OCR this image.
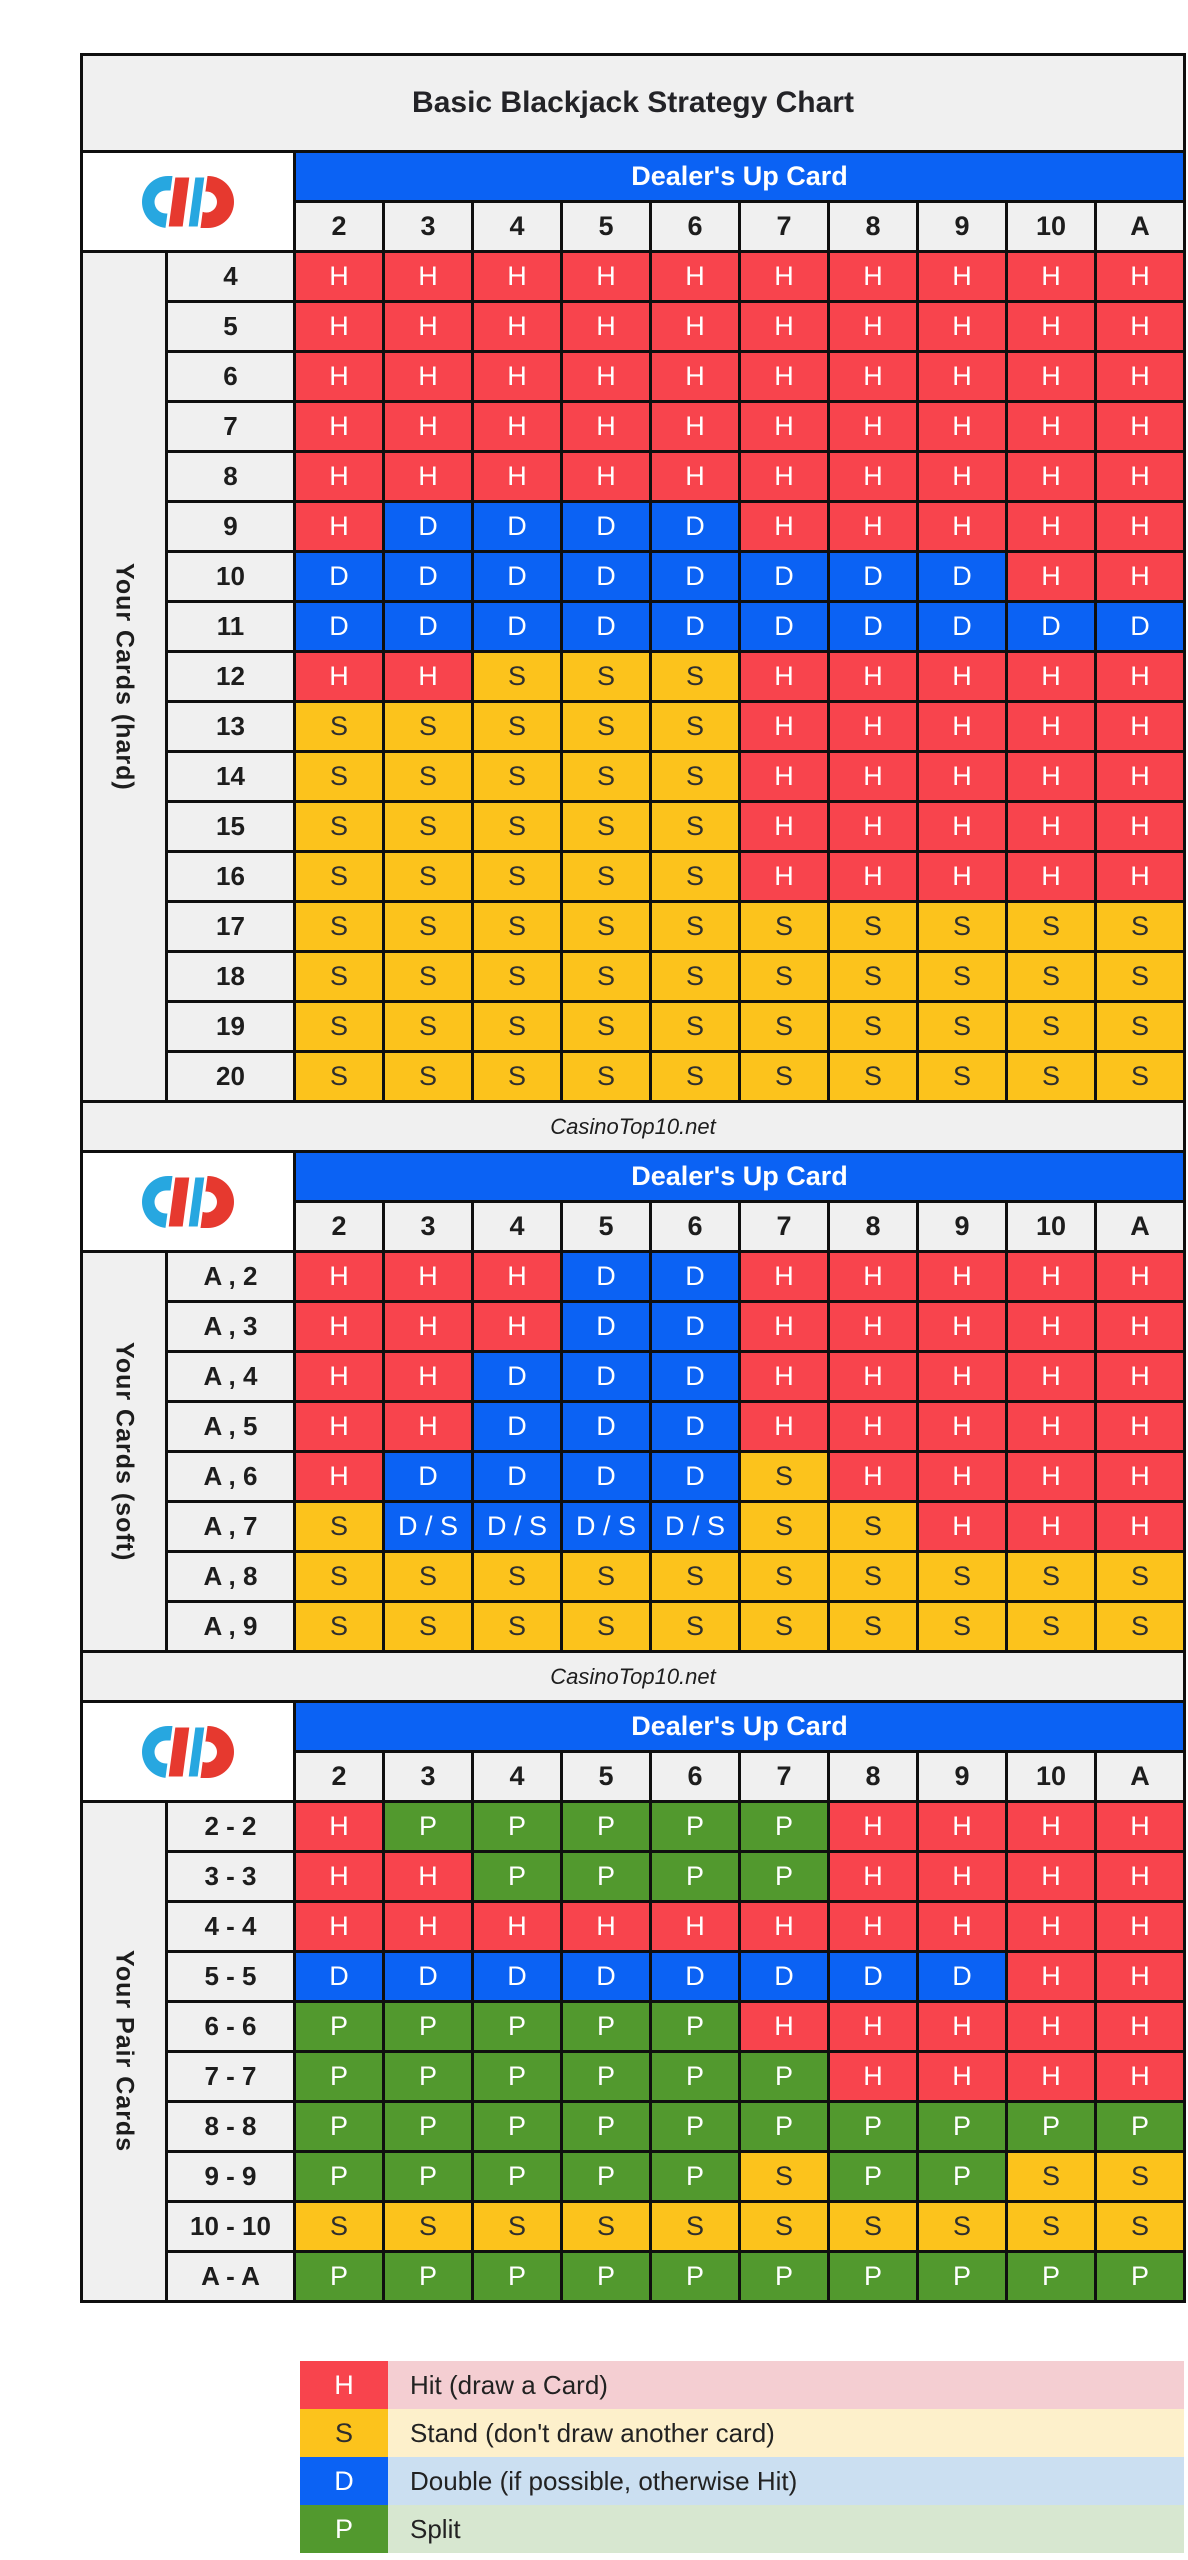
Basic Blackjack Strategy Chart
Dealer's Up Card
2	3	4	5	6	7	8	9	10	A
Your Cards (hard)
4	H	H	H	H	H	H	H	H	H	H
5	H	H	H	H	H	H	H	H	H	H
6	H	H	H	H	H	H	H	H	H	H
7	H	H	H	H	H	H	H	H	H	H
8	H	H	H	H	H	H	H	H	H	H
9	H	D	D	D	D	H	H	H	H	H
10	D	D	D	D	D	D	D	D	H	H
11	D	D	D	D	D	D	D	D	D	D
12	H	H	S	S	S	H	H	H	H	H
13	S	S	S	S	S	H	H	H	H	H
14	S	S	S	S	S	H	H	H	H	H
15	S	S	S	S	S	H	H	H	H	H
16	S	S	S	S	S	H	H	H	H	H
17	S	S	S	S	S	S	S	S	S	S
18	S	S	S	S	S	S	S	S	S	S
19	S	S	S	S	S	S	S	S	S	S
20	S	S	S	S	S	S	S	S	S	S
CasinoTop10.net
Dealer's Up Card
2	3	4	5	6	7	8	9	10	A
Your Cards (soft)
A , 2	H	H	H	D	D	H	H	H	H	H
A , 3	H	H	H	D	D	H	H	H	H	H
A , 4	H	H	D	D	D	H	H	H	H	H
A , 5	H	H	D	D	D	H	H	H	H	H
A , 6	H	D	D	D	D	S	H	H	H	H
A , 7	S	D / S	D / S	D / S	D / S	S	S	H	H	H
A , 8	S	S	S	S	S	S	S	S	S	S
A , 9	S	S	S	S	S	S	S	S	S	S
CasinoTop10.net
Dealer's Up Card
2	3	4	5	6	7	8	9	10	A
Your Pair Cards
2 - 2	H	P	P	P	P	P	H	H	H	H
3 - 3	H	H	P	P	P	P	H	H	H	H
4 - 4	H	H	H	H	H	H	H	H	H	H
5 - 5	D	D	D	D	D	D	D	D	H	H
6 - 6	P	P	P	P	P	H	H	H	H	H
7 - 7	P	P	P	P	P	P	H	H	H	H
8 - 8	P	P	P	P	P	P	P	P	P	P
9 - 9	P	P	P	P	P	S	P	P	S	S
10 - 10	S	S	S	S	S	S	S	S	S	S
A - A	P	P	P	P	P	P	P	P	P	P
H	Hit (draw a Card)
S	Stand (don't draw another card)
D	Double (if possible, otherwise Hit)
P	Split
